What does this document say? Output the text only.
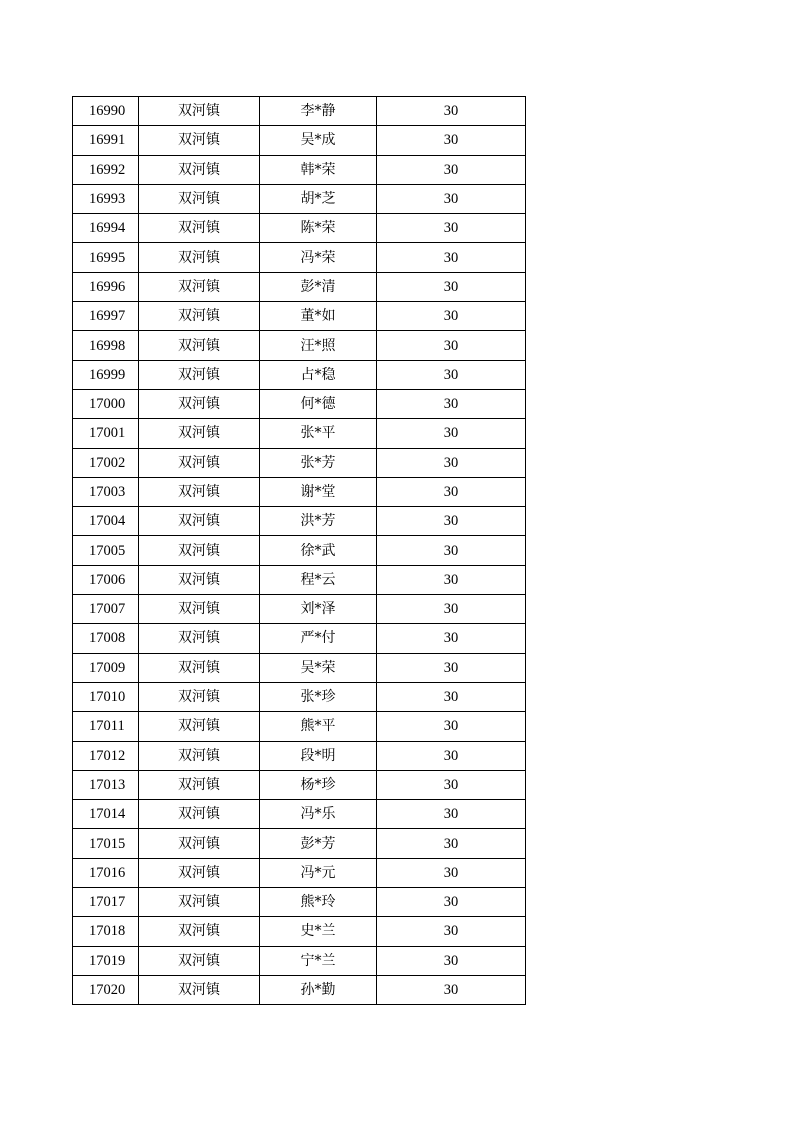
16990	双河镇	李*静	30
16991	双河镇	吴*成	30
16992	双河镇	韩*荣	30
16993	双河镇	胡*芝	30
16994	双河镇	陈*荣	30
16995	双河镇	冯*荣	30
16996	双河镇	彭*清	30
16997	双河镇	董*如	30
16998	双河镇	汪*照	30
16999	双河镇	占*稳	30
17000	双河镇	何*德	30
17001	双河镇	张*平	30
17002	双河镇	张*芳	30
17003	双河镇	谢*堂	30
17004	双河镇	洪*芳	30
17005	双河镇	徐*武	30
17006	双河镇	程*云	30
17007	双河镇	刘*泽	30
17008	双河镇	严*付	30
17009	双河镇	吴*荣	30
17010	双河镇	张*珍	30
17011	双河镇	熊*平	30
17012	双河镇	段*明	30
17013	双河镇	杨*珍	30
17014	双河镇	冯*乐	30
17015	双河镇	彭*芳	30
17016	双河镇	冯*元	30
17017	双河镇	熊*玲	30
17018	双河镇	史*兰	30
17019	双河镇	宁*兰	30
17020	双河镇	孙*勤	30
